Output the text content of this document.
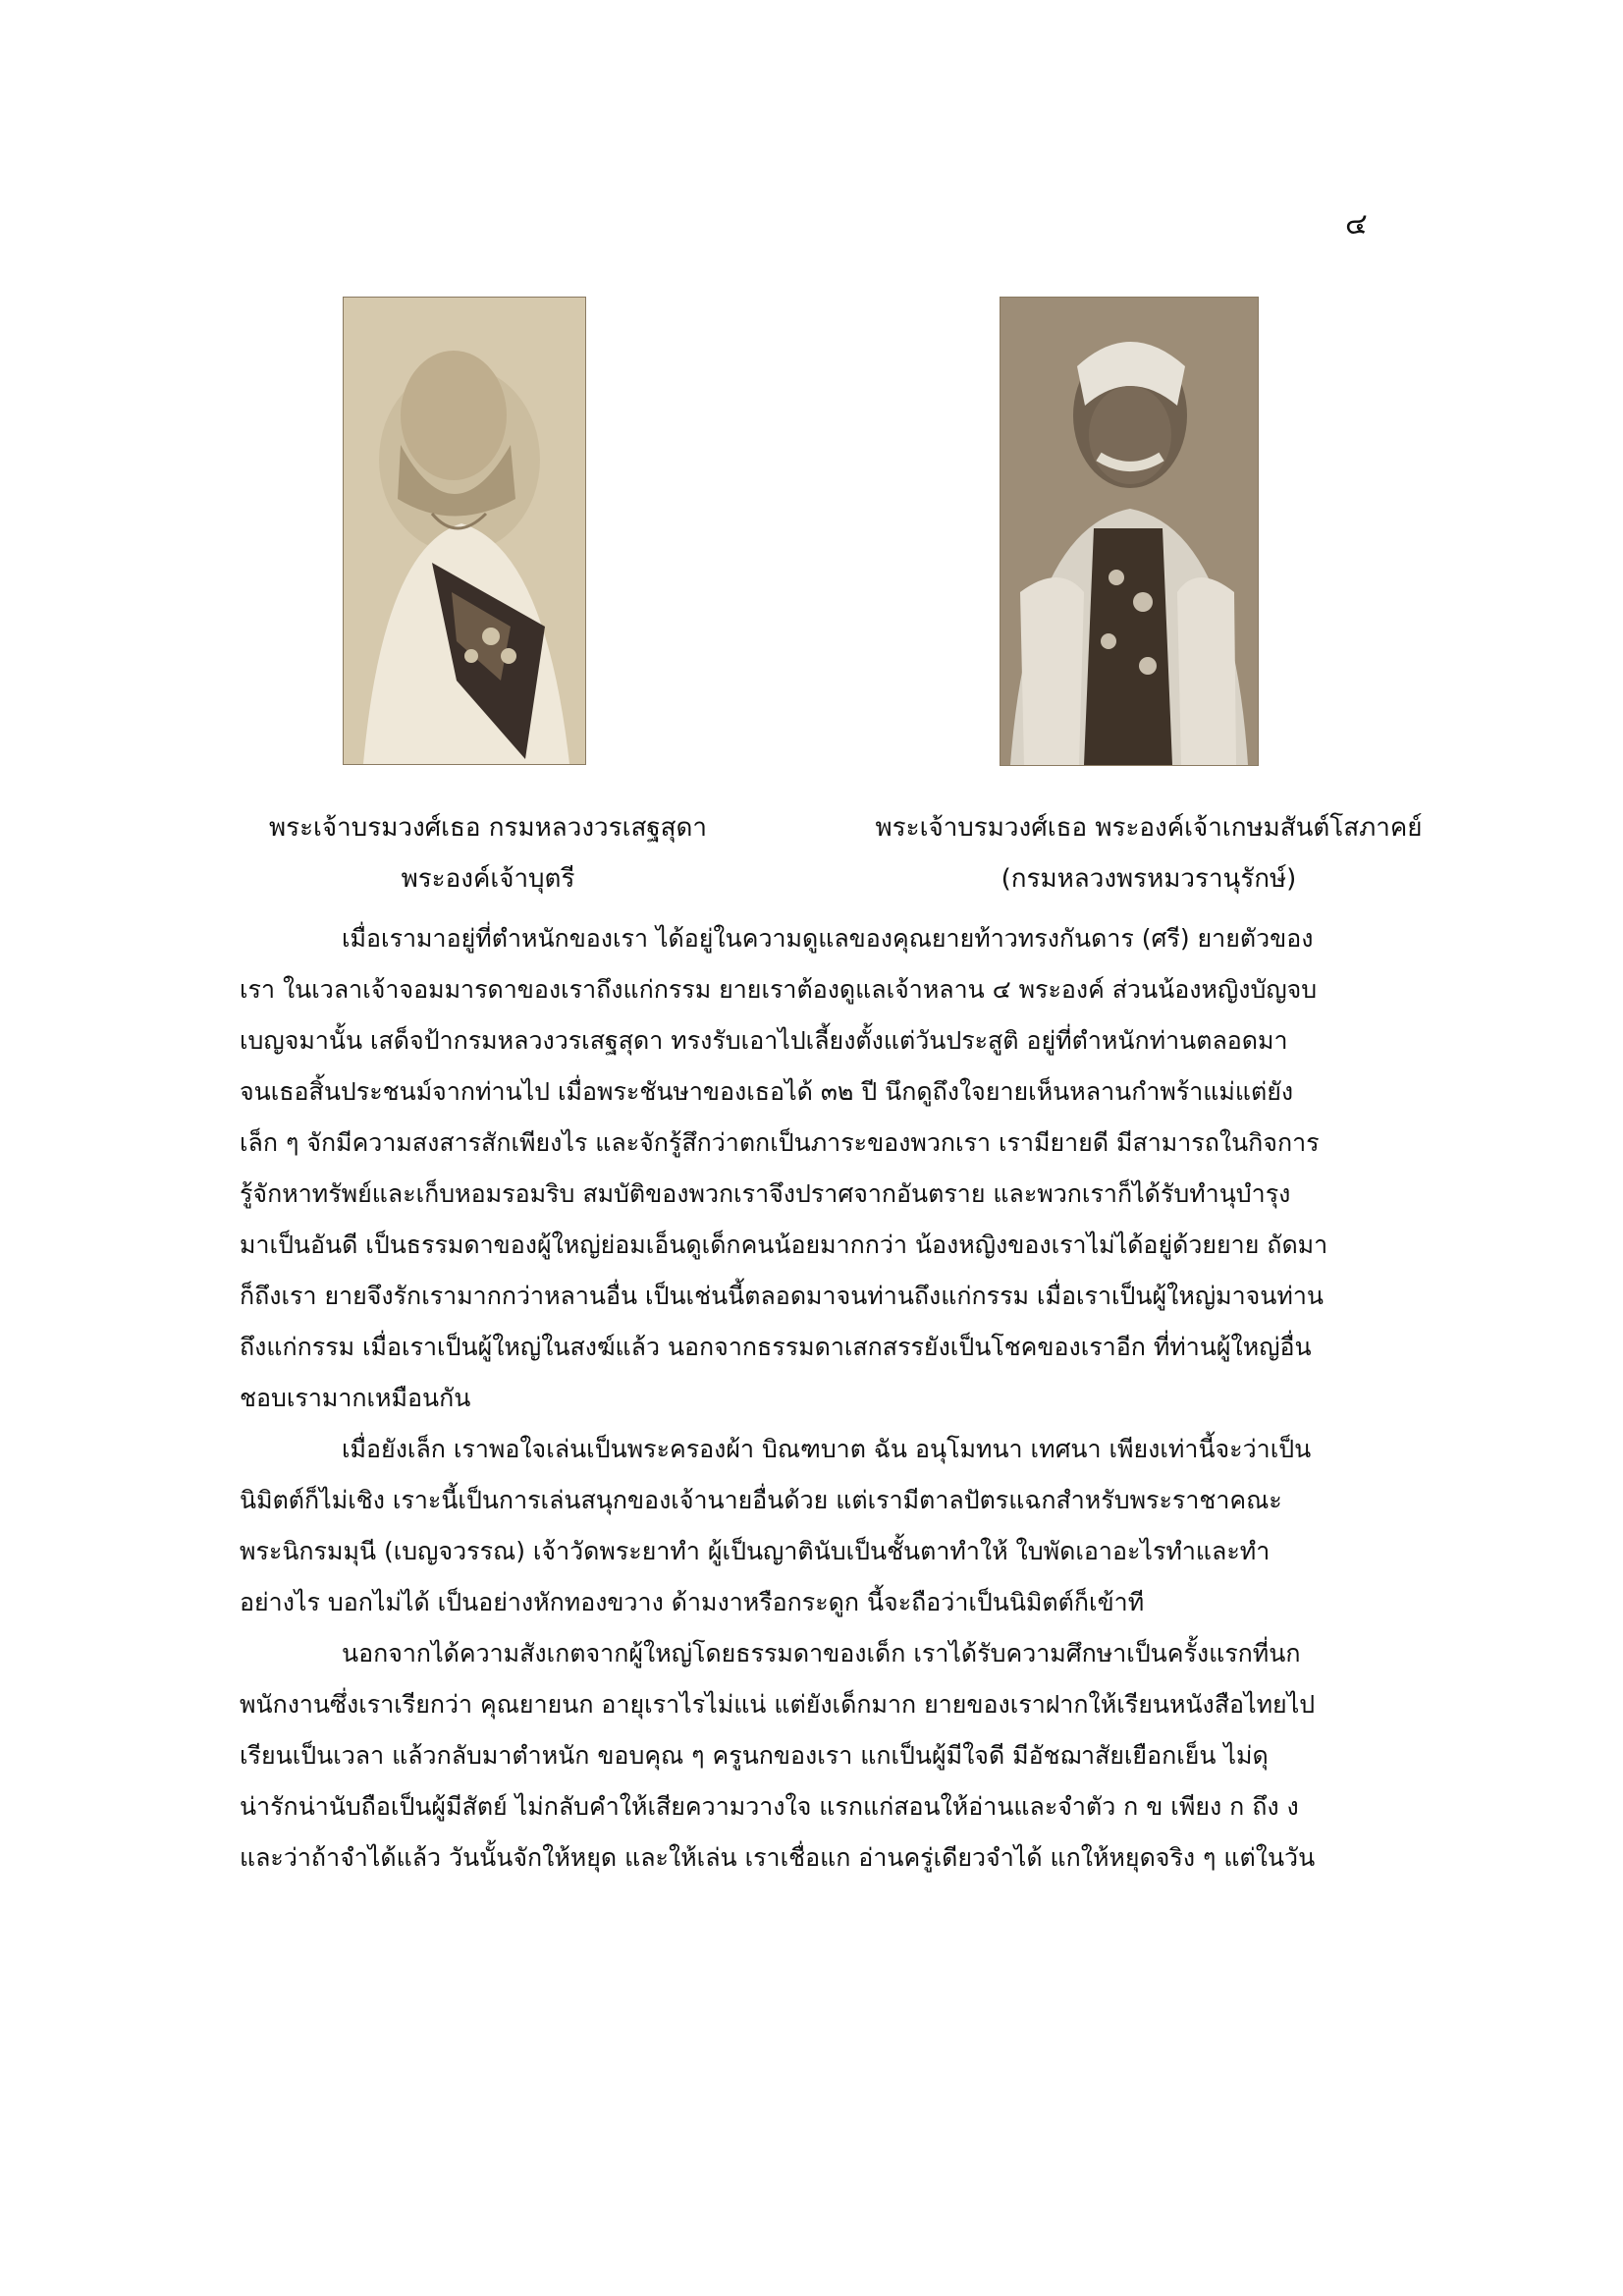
๔
พระเจ้าบรมวงศ์เธอ กรมหลวงวรเสฐสุดา
พระองค์เจ้าบุตรี
พระเจ้าบรมวงศ์เธอ พระองค์เจ้าเกษมสันต์โสภาคย์
(กรมหลวงพรหมวรานุรักษ์)
เมื่อเรามาอยู่ที่ตำหนักของเรา ได้อยู่ในความดูแลของคุณยายท้าวทรงกันดาร (ศรี) ยายตัวของ
เรา ในเวลาเจ้าจอมมารดาของเราถึงแก่กรรม ยายเราต้องดูแลเจ้าหลาน ๔ พระองค์ ส่วนน้องหญิงบัญจบ
เบญจมานั้น เสด็จป้ากรมหลวงวรเสฐสุดา ทรงรับเอาไปเลี้ยงตั้งแต่วันประสูติ อยู่ที่ตำหนักท่านตลอดมา
จนเธอสิ้นประชนม์จากท่านไป เมื่อพระชันษาของเธอได้ ๓๒ ปี นึกดูถึงใจยายเห็นหลานกำพร้าแม่แต่ยัง
เล็ก ๆ จักมีความสงสารสักเพียงไร และจักรู้สึกว่าตกเป็นภาระของพวกเรา เรามียายดี มีสามารถในกิจการ
รู้จักหาทรัพย์และเก็บหอมรอมริบ สมบัติของพวกเราจึงปราศจากอันตราย และพวกเราก็ได้รับทำนุบำรุง
มาเป็นอันดี เป็นธรรมดาของผู้ใหญ่ย่อมเอ็นดูเด็กคนน้อยมากกว่า น้องหญิงของเราไม่ได้อยู่ด้วยยาย ถัดมา
ก็ถึงเรา ยายจึงรักเรามากกว่าหลานอื่น เป็นเช่นนี้ตลอดมาจนท่านถึงแก่กรรม เมื่อเราเป็นผู้ใหญ่มาจนท่าน
ถึงแก่กรรม เมื่อเราเป็นผู้ใหญ่ในสงฆ์แล้ว นอกจากธรรมดาเสกสรรยังเป็นโชคของเราอีก ที่ท่านผู้ใหญ่อื่น
ชอบเรามากเหมือนกัน
เมื่อยังเล็ก เราพอใจเล่นเป็นพระครองผ้า บิณฑบาต ฉัน อนุโมทนา เทศนา เพียงเท่านี้จะว่าเป็น
นิมิตต์ก็ไม่เชิง เราะนี้เป็นการเล่นสนุกของเจ้านายอื่นด้วย แต่เรามีตาลปัตรแฉกสำหรับพระราชาคณะ
พระนิกรมมุนี (เบญจวรรณ) เจ้าวัดพระยาทำ ผู้เป็นญาตินับเป็นชั้นตาทำให้ ใบพัดเอาอะไรทำและทำ
อย่างไร บอกไม่ได้ เป็นอย่างหักทองขวาง ด้ามงาหรือกระดูก นี้จะถือว่าเป็นนิมิตต์ก็เข้าที
นอกจากได้ความสังเกตจากผู้ใหญ่โดยธรรมดาของเด็ก เราได้รับความศึกษาเป็นครั้งแรกที่นก
พนักงานซึ่งเราเรียกว่า คุณยายนก อายุเราไรไม่แน่ แต่ยังเด็กมาก ยายของเราฝากให้เรียนหนังสือไทยไป
เรียนเป็นเวลา แล้วกลับมาตำหนัก ขอบคุณ ๆ ครูนกของเรา แกเป็นผู้มีใจดี มีอัชฌาสัยเยือกเย็น ไม่ดุ
น่ารักน่านับถือเป็นผู้มีสัตย์ ไม่กลับคำให้เสียความวางใจ แรกแก่สอนให้อ่านและจำตัว ก ข เพียง ก ถึง ง
และว่าถ้าจำได้แล้ว วันนั้นจักให้หยุด และให้เล่น เราเชื่อแก อ่านครู่เดียวจำได้ แกให้หยุดจริง ๆ แต่ในวัน
